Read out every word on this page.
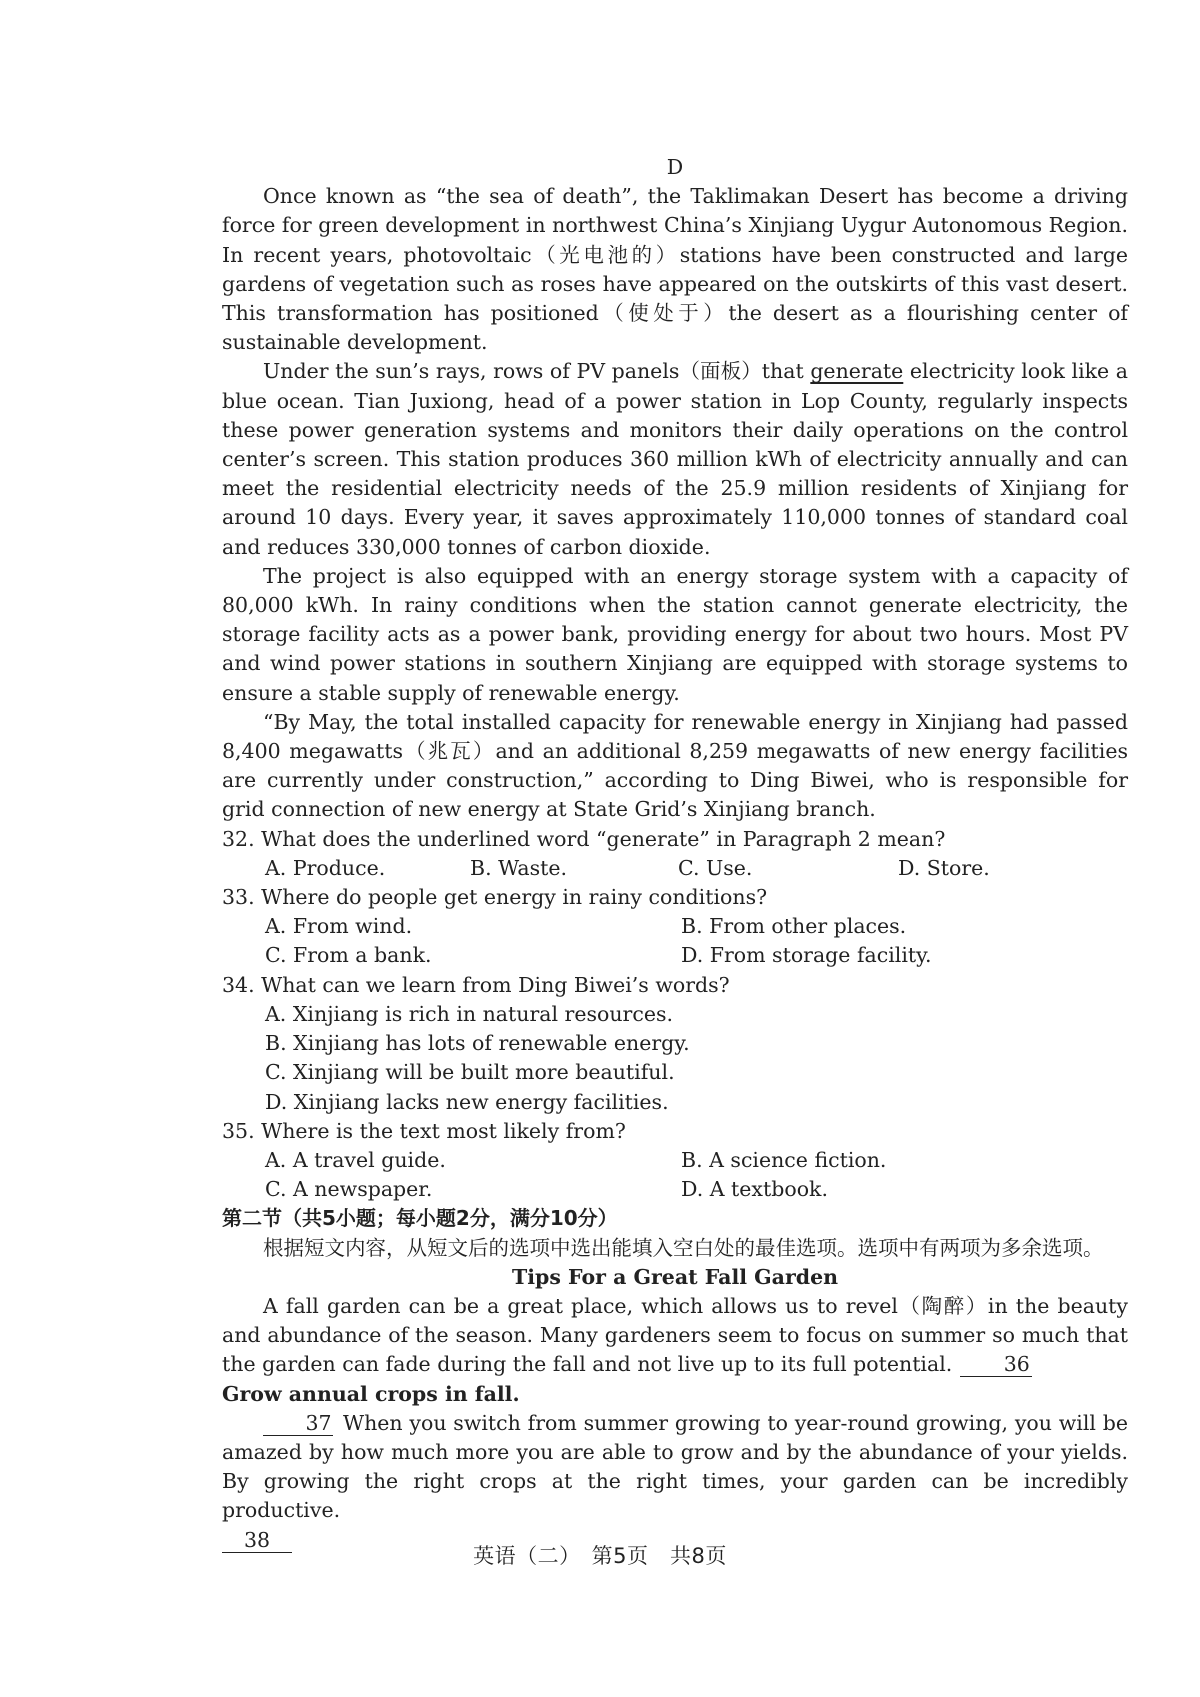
D

Once known as “the sea of death”, the Taklimakan Desert has become a driving force for green development in northwest China’s Xinjiang Uygur Autonomous Region. In recent years, photovoltaic（光电池的）stations have been constructed and large gardens of vegetation such as roses have appeared on the outskirts of this vast desert. This transformation has positioned（使处于）the desert as a flourishing center of sustainable development.

Under the sun’s rays, rows of PV panels（面板）that generate electricity look like a blue ocean. Tian Juxiong, head of a power station in Lop County, regularly inspects these power generation systems and monitors their daily operations on the control center’s screen. This station produces 360 million kWh of electricity annually and can meet the residential electricity needs of the 25.9 million residents of Xinjiang for around 10 days. Every year, it saves approximately 110,000 tonnes of standard coal and reduces 330,000 tonnes of carbon dioxide.

The project is also equipped with an energy storage system with a capacity of 80,000 kWh. In rainy conditions when the station cannot generate electricity, the storage facility acts as a power bank, providing energy for about two hours. Most PV and wind power stations in southern Xinjiang are equipped with storage systems to ensure a stable supply of renewable energy.

“By May, the total installed capacity for renewable energy in Xinjiang had passed 8,400 megawatts（兆瓦）and an additional 8,259 megawatts of new energy facilities are currently under construction,” according to Ding Biwei, who is responsible for grid connection of new energy at State Grid’s Xinjiang branch.

32. What does the underlined word “generate” in Paragraph 2 mean?

A. Produce.	B. Waste.	C. Use.	D. Store.

33. Where do people get energy in rainy conditions?

A. From wind.	B. From other places.
C. From a bank.	D. From storage facility.

34. What can we learn from Ding Biwei’s words?

A. Xinjiang is rich in natural resources.
B. Xinjiang has lots of renewable energy.
C. Xinjiang will be built more beautiful.
D. Xinjiang lacks new energy facilities.

35. Where is the text most likely from?

A. A travel guide.	B. A science fiction.
C. A newspaper.	D. A textbook.

第二节（共5小题；每小题2分，满分10分）

根据短文内容，从短文后的选项中选出能填入空白处的最佳选项。选项中有两项为多余选项。

Tips For a Great Fall Garden

A fall garden can be a great place, which allows us to revel（陶醉）in the beauty and abundance of the season. Many gardeners seem to focus on summer so much that the garden can fade during the fall and not live up to its full potential.	36

Grow annual crops in fall.

37 When you switch from summer growing to year-round growing, you will be amazed by how much more you are able to grow and by the abundance of your yields. By growing the right crops at the right times, your garden can be incredibly productive.

38

英语（二）　第5页　共8页
